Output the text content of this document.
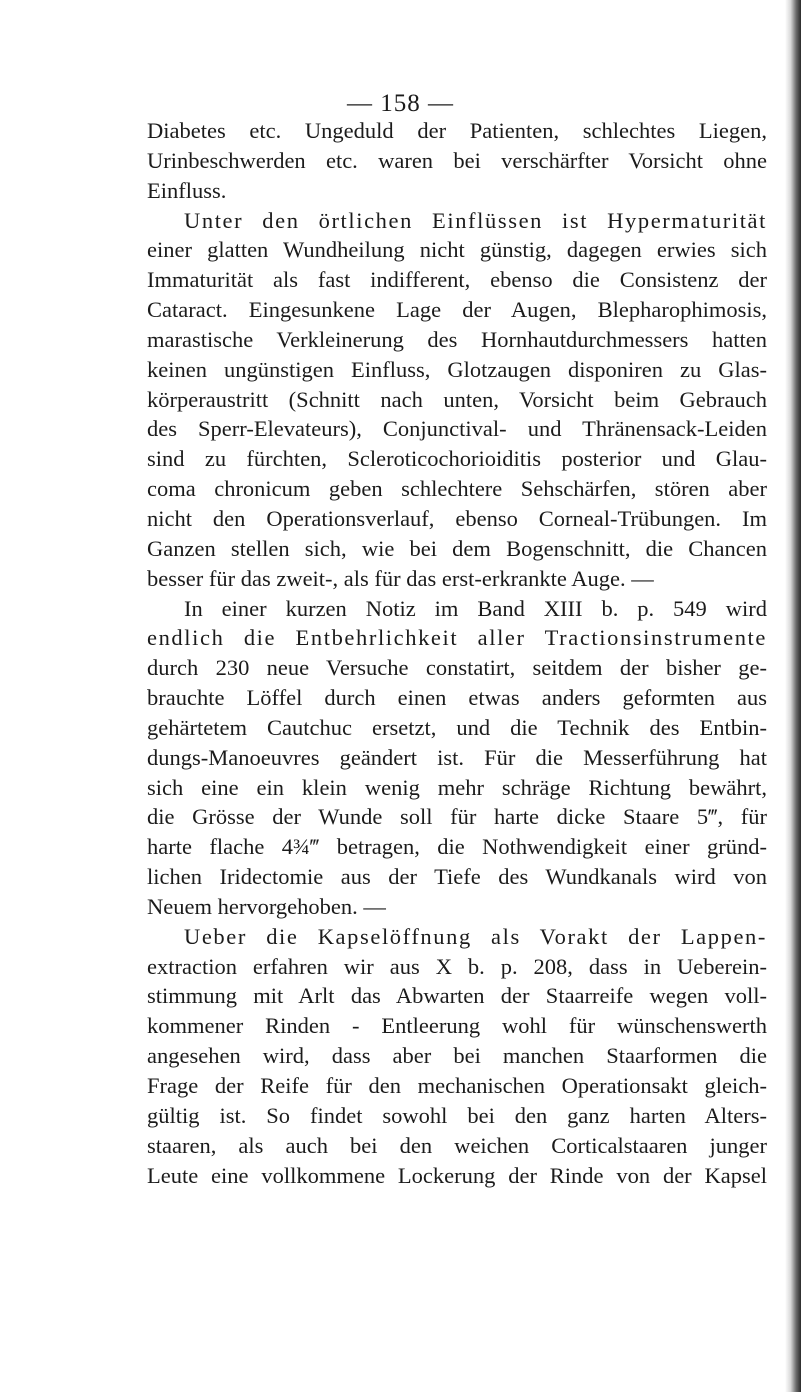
— 158 —
Diabetes etc. Ungeduld der Patienten, schlechtes Liegen,
Urinbeschwerden etc. waren bei verschärfter Vorsicht ohne
Einfluss.
Unter den örtlichen Einflüssen ist Hypermaturität
einer glatten Wundheilung nicht günstig, dagegen erwies sich
Immaturität als fast indifferent, ebenso die Consistenz der
Cataract. Eingesunkene Lage der Augen, Blepharophimosis,
marastische Verkleinerung des Hornhautdurchmessers hatten
keinen ungünstigen Einfluss, Glotzaugen disponiren zu Glas-
körperaustritt (Schnitt nach unten, Vorsicht beim Gebrauch
des Sperr-Elevateurs), Conjunctival- und Thränensack-Leiden
sind zu fürchten, Scleroticochorioiditis posterior und Glau-
coma chronicum geben schlechtere Sehschärfen, stören aber
nicht den Operationsverlauf, ebenso Corneal-Trübungen. Im
Ganzen stellen sich, wie bei dem Bogenschnitt, die Chancen
besser für das zweit-, als für das erst-erkrankte Auge. —
In einer kurzen Notiz im Band XIII b. p. 549 wird
endlich die Entbehrlichkeit aller Tractionsinstrumente
durch 230 neue Versuche constatirt, seitdem der bisher ge-
brauchte Löffel durch einen etwas anders geformten aus
gehärtetem Cautchuc ersetzt, und die Technik des Entbin-
dungs-Manoeuvres geändert ist. Für die Messerführung hat
sich eine ein klein wenig mehr schräge Richtung bewährt,
die Grösse der Wunde soll für harte dicke Staare 5‴, für
harte flache 4¾‴ betragen, die Nothwendigkeit einer gründ-
lichen Iridectomie aus der Tiefe des Wundkanals wird von
Neuem hervorgehoben. —
Ueber die Kapselöffnung als Vorakt der Lappen-
extraction erfahren wir aus X b. p. 208, dass in Ueberein-
stimmung mit Arlt das Abwarten der Staarreife wegen voll-
kommener Rinden - Entleerung wohl für wünschenswerth
angesehen wird, dass aber bei manchen Staarformen die
Frage der Reife für den mechanischen Operationsakt gleich-
gültig ist. So findet sowohl bei den ganz harten Alters-
staaren, als auch bei den weichen Corticalstaaren junger
Leute eine vollkommene Lockerung der Rinde von der Kapsel
